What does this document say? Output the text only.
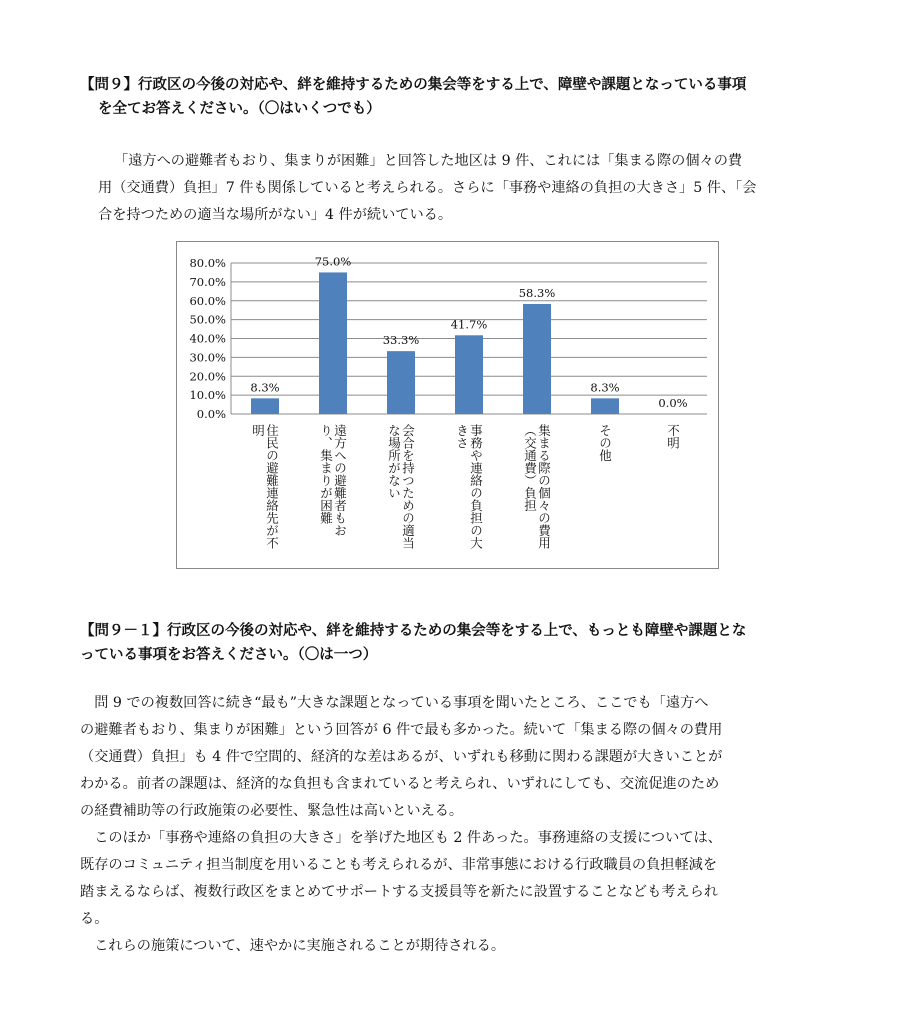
【問９】行政区の今後の対応や、絆を維持するための集会等をする上で、障壁や課題となっている事項
を全てお答えください。（〇はいくつでも）
「遠方への避難者もおり、集まりが困難」と回答した地区は 9 件、これには「集まる際の個々の費
用（交通費）負担」7 件も関係していると考えられる。さらに「事務や連絡の負担の大きさ」5 件、「会
合を持つための適当な場所がない」4 件が続いている。
0.0%
10.0%
20.0%
30.0%
40.0%
50.0%
60.0%
70.0%
80.0%
8.3%
住民の避難連絡先が不
明
75.0%
遠方への避難者もお
り、集まりが困難
33.3%
会合を持つための適当
な場所がない
41.7%
事務や連絡の負担の大
きさ
58.3%
集まる際の個々の費用
（交通費）負担
8.3%
その他
0.0%
不明
【問９－１】行政区の今後の対応や、絆を維持するための集会等をする上で、もっとも障壁や課題とな
っている事項をお答えください。（〇は一つ）
　問 9 での複数回答に続き“最も”大きな課題となっている事項を聞いたところ、ここでも「遠方へ
の避難者もおり、集まりが困難」という回答が 6 件で最も多かった。続いて「集まる際の個々の費用
（交通費）負担」も 4 件で空間的、経済的な差はあるが、いずれも移動に関わる課題が大きいことが
わかる。前者の課題は、経済的な負担も含まれていると考えられ、いずれにしても、交流促進のため
の経費補助等の行政施策の必要性、緊急性は高いといえる。
　このほか「事務や連絡の負担の大きさ」を挙げた地区も 2 件あった。事務連絡の支援については、
既存のコミュニティ担当制度を用いることも考えられるが、非常事態における行政職員の負担軽減を
踏まえるならば、複数行政区をまとめてサポートする支援員等を新たに設置することなども考えられ
る。
　これらの施策について、速やかに実施されることが期待される。
